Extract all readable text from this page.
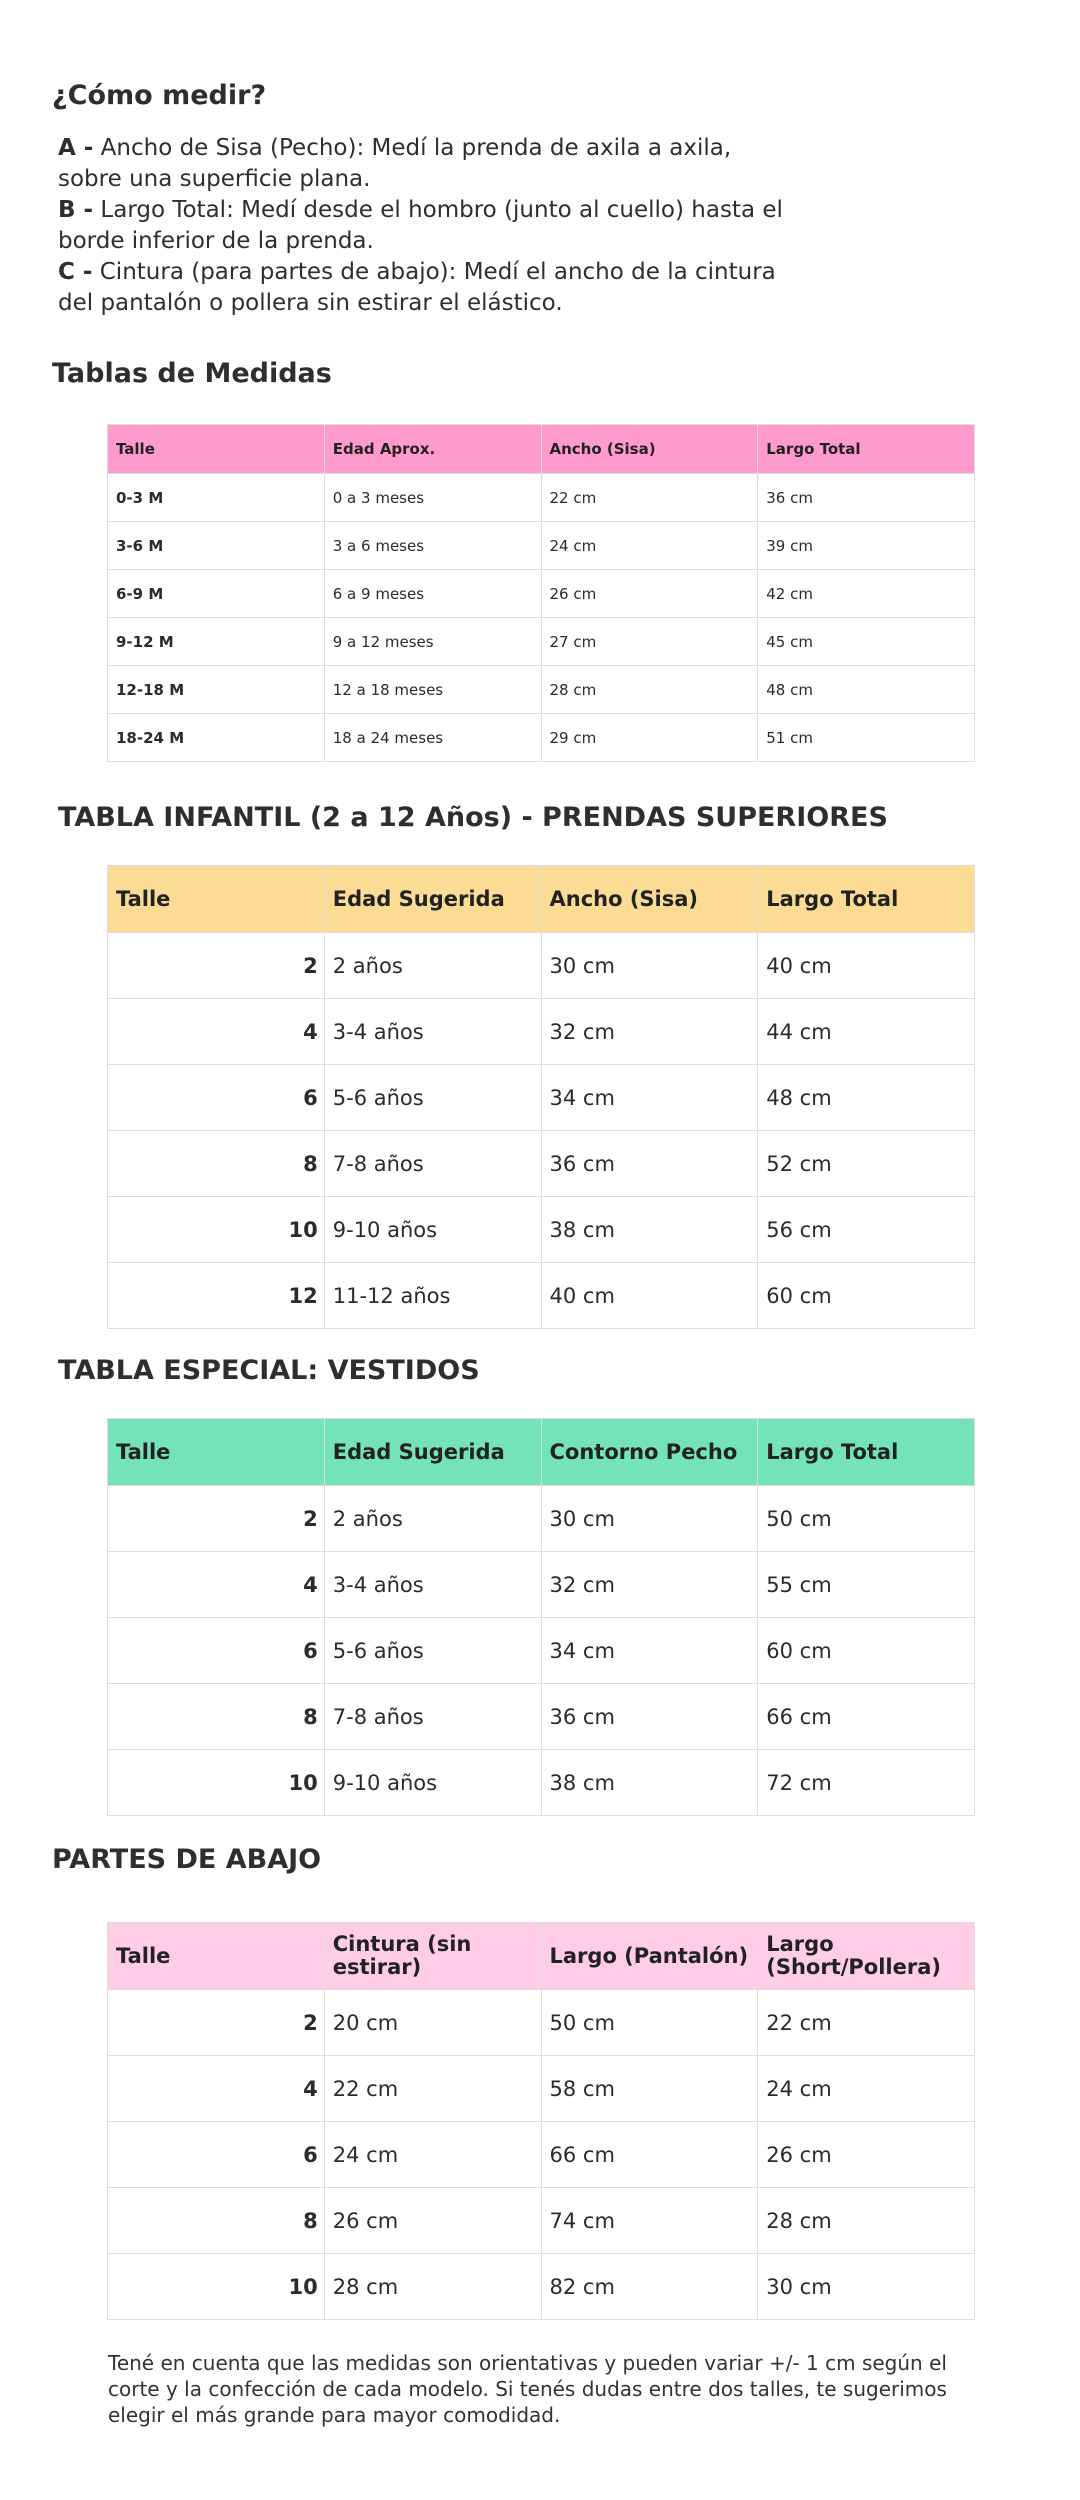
¿Cómo medir?
A - Ancho de Sisa (Pecho): Medí la prenda de axila a axila, sobre una superficie plana.
B - Largo Total: Medí desde el hombro (junto al cuello) hasta el borde inferior de la prenda.
C - Cintura (para partes de abajo): Medí el ancho de la cintura del pantalón o pollera sin estirar el elástico.
Tablas de Medidas
Talle	Edad Aprox.	Ancho (Sisa)	Largo Total
0-3 M	0 a 3 meses	22 cm	36 cm
3-6 M	3 a 6 meses	24 cm	39 cm
6-9 M	6 a 9 meses	26 cm	42 cm
9-12 M	9 a 12 meses	27 cm	45 cm
12-18 M	12 a 18 meses	28 cm	48 cm
18-24 M	18 a 24 meses	29 cm	51 cm
TABLA INFANTIL (2 a 12 Años) - PRENDAS SUPERIORES
Talle	Edad Sugerida	Ancho (Sisa)	Largo Total
2	2 años	30 cm	40 cm
4	3-4 años	32 cm	44 cm
6	5-6 años	34 cm	48 cm
8	7-8 años	36 cm	52 cm
10	9-10 años	38 cm	56 cm
12	11-12 años	40 cm	60 cm
TABLA ESPECIAL: VESTIDOS
Talle	Edad Sugerida	Contorno Pecho	Largo Total
2	2 años	30 cm	50 cm
4	3-4 años	32 cm	55 cm
6	5-6 años	34 cm	60 cm
8	7-8 años	36 cm	66 cm
10	9-10 años	38 cm	72 cm
PARTES DE ABAJO
Talle	Cintura (sin estirar)	Largo (Pantalón)	Largo (Short/Pollera)
2	20 cm	50 cm	22 cm
4	22 cm	58 cm	24 cm
6	24 cm	66 cm	26 cm
8	26 cm	74 cm	28 cm
10	28 cm	82 cm	30 cm

Tené en cuenta que las medidas son orientativas y pueden variar +/- 1 cm según el corte y la confección de cada modelo. Si tenés dudas entre dos talles, te sugerimos elegir el más grande para mayor comodidad.
